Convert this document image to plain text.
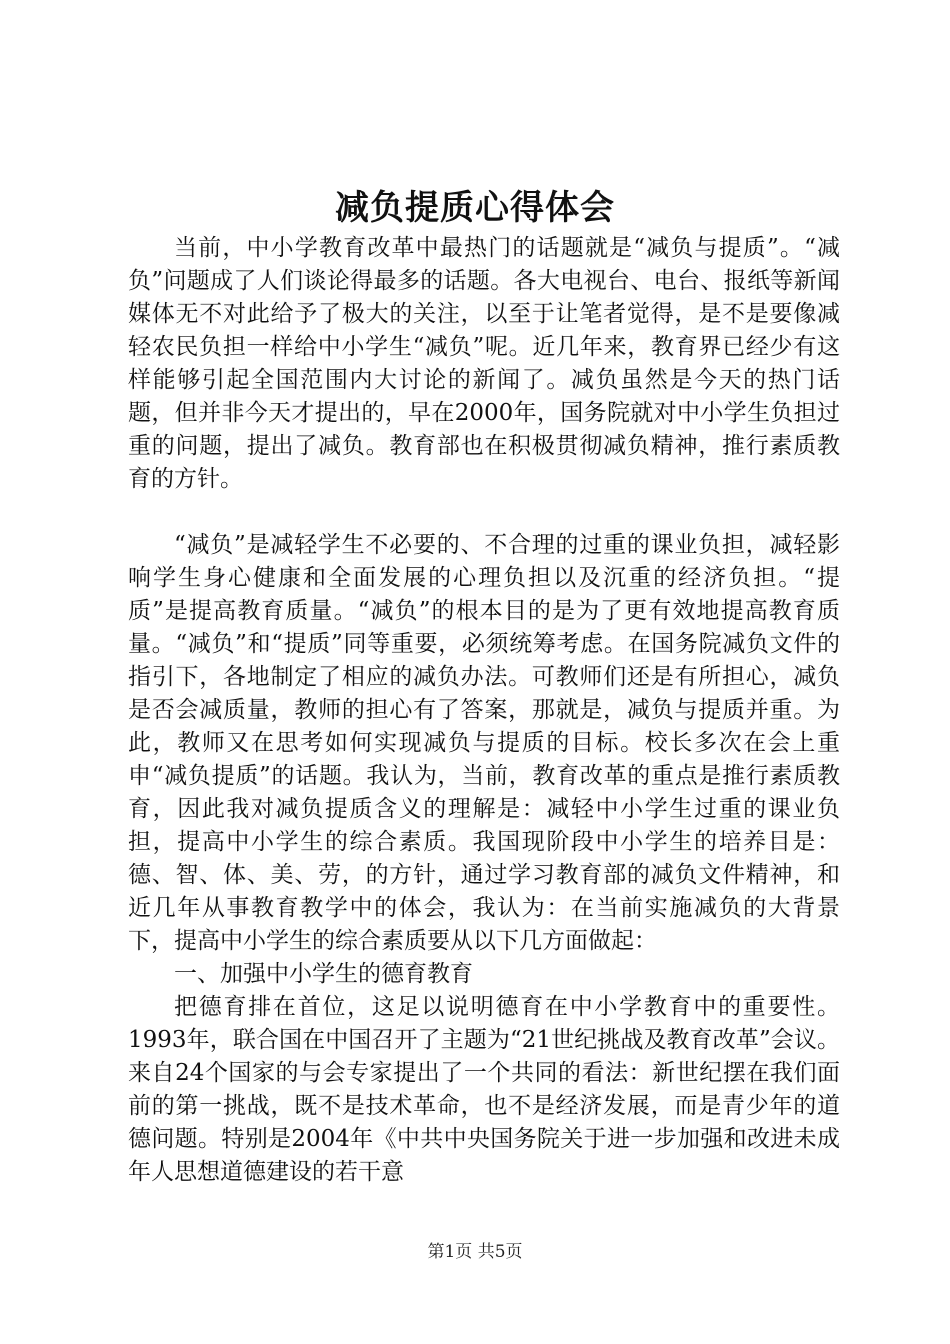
减负提质心得体会

当前，中小学教育改革中最热门的话题就是“减负与提质”。“减负”问题成了人们谈论得最多的话题。各大电视台、电台、报纸等新闻媒体无不对此给予了极大的关注，以至于让笔者觉得，是不是要像减轻农民负担一样给中小学生“减负”呢。近几年来，教育界已经少有这样能够引起全国范围内大讨论的新闻了。减负虽然是今天的热门话题，但并非今天才提出的，早在2000年，国务院就对中小学生负担过重的问题，提出了减负。教育部也在积极贯彻减负精神，推行素质教育的方针。

“减负”是减轻学生不必要的、不合理的过重的课业负担，减轻影响学生身心健康和全面发展的心理负担以及沉重的经济负担。“提质”是提高教育质量。“减负”的根本目的是为了更有效地提高教育质量。“减负”和“提质”同等重要，必须统筹考虑。在国务院减负文件的指引下，各地制定了相应的减负办法。可教师们还是有所担心，减负是否会减质量，教师的担心有了答案，那就是，减负与提质并重。为此，教师又在思考如何实现减负与提质的目标。校长多次在会上重申“减负提质”的话题。我认为，当前，教育改革的重点是推行素质教育，因此我对减负提质含义的理解是：减轻中小学生过重的课业负担，提高中小学生的综合素质。我国现阶段中小学生的培养目是：德、智、体、美、劳，的方针，通过学习教育部的减负文件精神，和近几年从事教育教学中的体会，我认为：在当前实施减负的大背景下，提高中小学生的综合素质要从以下几方面做起：

一、加强中小学生的德育教育

把德育排在首位，这足以说明德育在中小学教育中的重要性。1993年，联合国在中国召开了主题为“21世纪挑战及教育改革”会议。来自24个国家的与会专家提出了一个共同的看法：新世纪摆在我们面前的第一挑战，既不是技术革命，也不是经济发展，而是青少年的道德问题。特别是2004年《中共中央国务院关于进一步加强和改进未成年人思想道德建设的若干意

第1页 共5页
